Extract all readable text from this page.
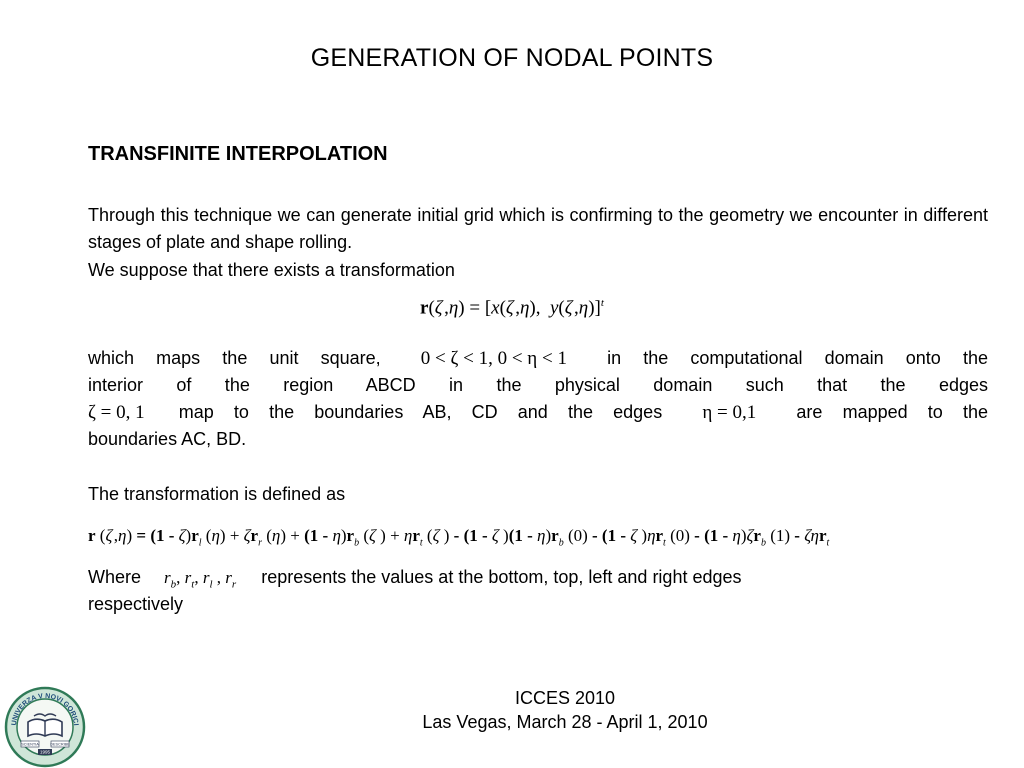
GENERATION OF NODAL POINTS
TRANSFINITE INTERPOLATION
Through this technique we can generate initial grid which is confirming to the geometry we encounter in different stages of plate and shape rolling.
We suppose that there exists a transformation
r(ζ ,η) = [x(ζ ,η),  y(ζ ,η)]$^t$
which maps the unit square, 0 < ζ < 1, 0 < η < 1 in the computational domain onto the
interior of the region ABCD in the physical domain such that the edges
ζ = 0, 1 map to the boundaries AB, CD and the edges η = 0,1 are mapped to the
boundaries AC, BD.
The transformation is defined as
r (ζ $,\eta) = (1 - \zeta)r_l$ $(\eta) + \zeta r_r$ $(\eta) + (1 - \eta)r_b$ (ζ ) + $\eta r_t$ (ζ ) - (1 - ζ )$(1 - \eta)r_b$ (0) - (1 - ζ )$\eta r_t$ $(0) - (1 - \eta)\zeta r_b$ (1) - ζηr$_t$
Where $r_b$, $r_t$, $r_l$ , $r_r$ represents the values at the bottom, top, left and right edges
respectively
ICCES 2010
Las Vegas, March 28 - April 1, 2010
UNIVERZA V NOVI GORICI
SCIENTIA	DESCRIBE
1995
